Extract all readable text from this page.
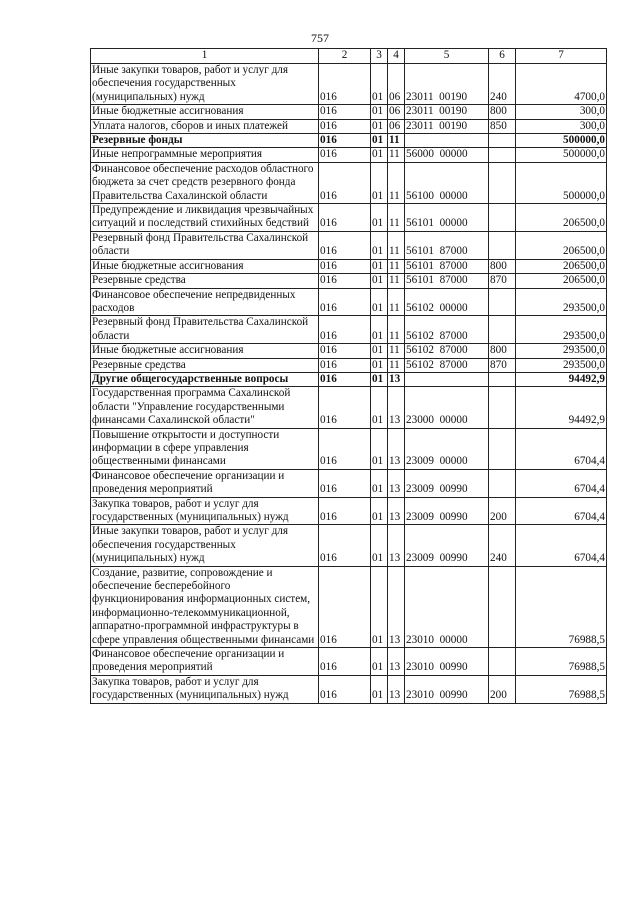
757
1	2	3	4	5	6	7
Иные закупки товаров, работ и услуг для обеспечения государственных (муниципальных) нужд	016	01	06	23011  00190	240	4700,0
Иные бюджетные ассигнования	016	01	06	23011  00190	800	300,0
Уплата налогов, сборов и иных платежей	016	01	06	23011  00190	850	300,0
Резервные фонды	016	01	11			500000,0
Иные непрограммные мероприятия	016	01	11	56000  00000		500000,0
Финансовое обеспечение расходов областного бюджета за счет средств резервного фонда Правительства Сахалинской области	016	01	11	56100  00000		500000,0
Предупреждение и ликвидация чрезвычайных ситуаций и последствий стихийных бедствий	016	01	11	56101  00000		206500,0
Резервный фонд Правительства Сахалинской области	016	01	11	56101  87000		206500,0
Иные бюджетные ассигнования	016	01	11	56101  87000	800	206500,0
Резервные средства	016	01	11	56101  87000	870	206500,0
Финансовое обеспечение непредвиденных расходов	016	01	11	56102  00000		293500,0
Резервный фонд Правительства Сахалинской области	016	01	11	56102  87000		293500,0
Иные бюджетные ассигнования	016	01	11	56102  87000	800	293500,0
Резервные средства	016	01	11	56102  87000	870	293500,0
Другие общегосударственные вопросы	016	01	13			94492,9
Государственная программа Сахалинской области "Управление государственными финансами Сахалинской области"	016	01	13	23000  00000		94492,9
Повышение открытости и доступности информации в сфере управления общественными финансами	016	01	13	23009  00000		6704,4
Финансовое обеспечение организации и проведения мероприятий	016	01	13	23009  00990		6704,4
Закупка товаров, работ и услуг для государственных (муниципальных) нужд	016	01	13	23009  00990	200	6704,4
Иные закупки товаров, работ и услуг для обеспечения государственных (муниципальных) нужд	016	01	13	23009  00990	240	6704,4
Создание, развитие, сопровождение и обеспечение бесперебойного функционирования информационных систем, информационно-телекоммуникационной, аппаратно-программной инфраструктуры в сфере управления общественными финансами	016	01	13	23010  00000		76988,5
Финансовое обеспечение организации и проведения мероприятий	016	01	13	23010  00990		76988,5
Закупка товаров, работ и услуг для государственных (муниципальных) нужд	016	01	13	23010  00990	200	76988,5
